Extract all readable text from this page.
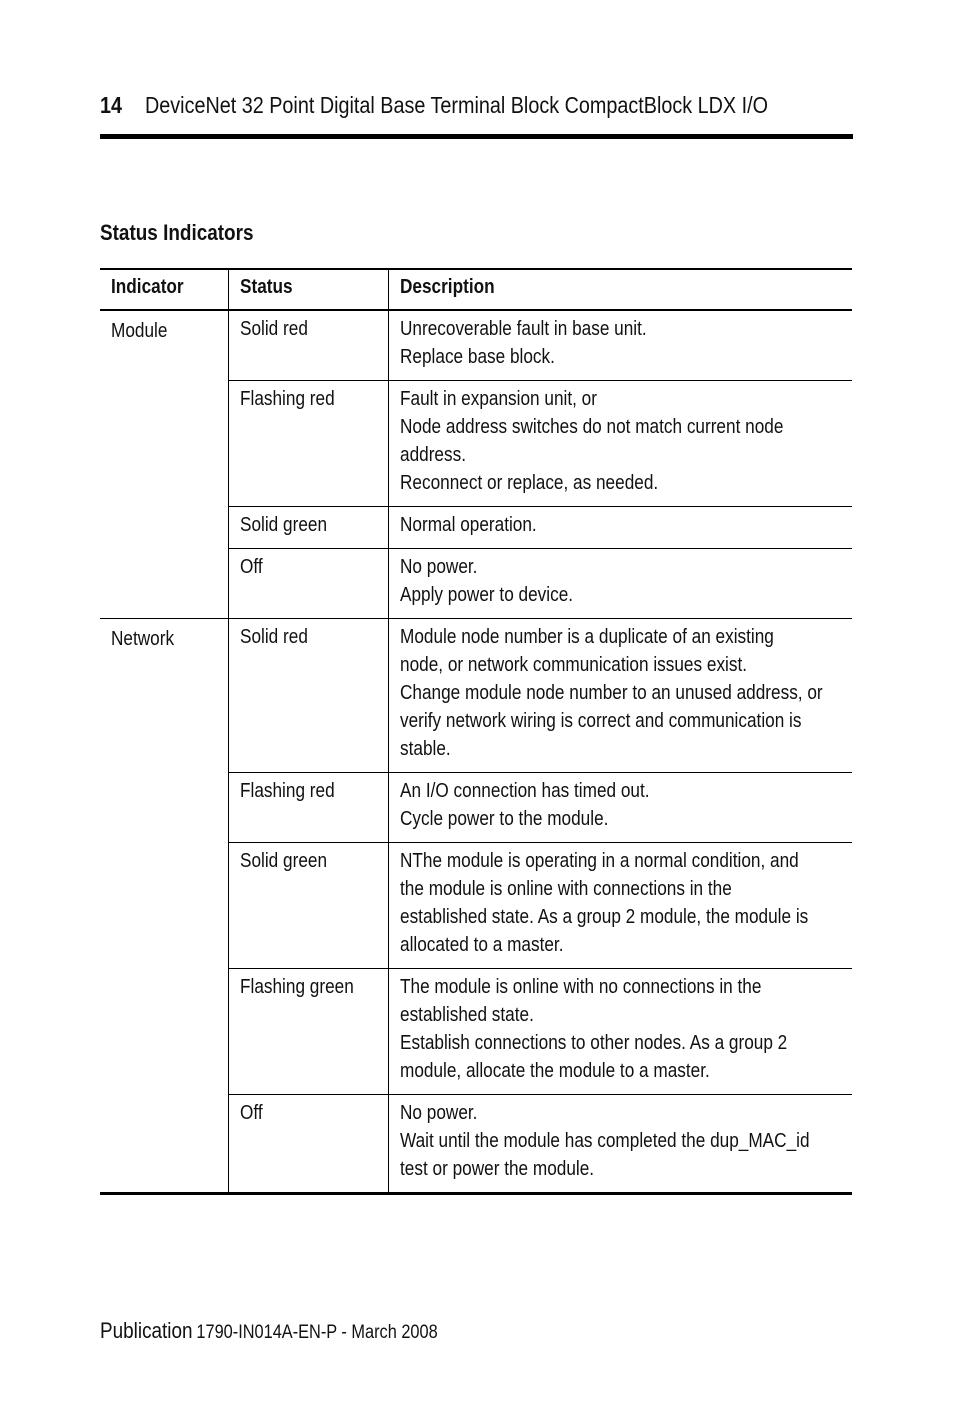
14 DeviceNet 32 Point Digital Base Terminal Block CompactBlock LDX I/O
Status Indicators
Indicator	Status	Description
Module	Solid red	Unrecoverable fault in base unit.
Replace base block.

	Flashing red	Fault in expansion unit, or
Node address switches do not match current node
address.
Reconnect or replace, as needed.

	Solid green	Normal operation.

	Off	No power.
Apply power to device.

Network	Solid red	Module node number is a duplicate of an existing
node, or network communication issues exist.
Change module node number to an unused address, or
verify network wiring is correct and communication is
stable.

	Flashing red	An I/O connection has timed out.
Cycle power to the module.

	Solid green	NThe module is operating in a normal condition, and
the module is online with connections in the
established state. As a group 2 module, the module is
allocated to a master.

	Flashing green	The module is online with no connections in the
established state.
Establish connections to other nodes. As a group 2
module, allocate the module to a master.

	Off	No power.
Wait until the module has completed the dup_MAC_id
test or power the module.
Publication 1790-IN014A-EN-P - March 2008
